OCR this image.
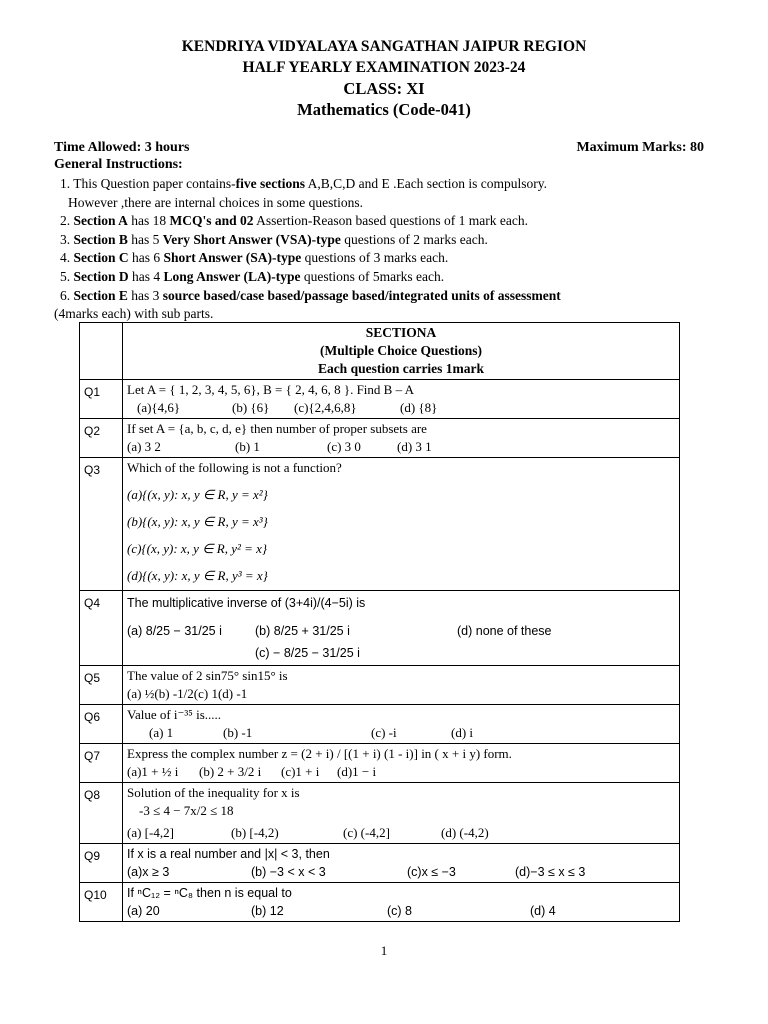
KENDRIYA VIDYALAYA SANGATHAN JAIPUR REGION
HALF YEARLY EXAMINATION 2023-24
CLASS: XI
Mathematics (Code-041)
Time Allowed: 3 hours	Maximum Marks: 80
General Instructions:
1. This Question paper contains-five sections A,B,C,D and E .Each section is compulsory.
However ,there are internal choices in some questions.
2. Section A has 18 MCQ's and 02 Assertion-Reason based questions of 1 mark each.
3. Section B has 5 Very Short Answer (VSA)-type questions of 2 marks each.
4. Section C has 6 Short Answer (SA)-type questions of 3 marks each.
5. Section D has 4 Long Answer (LA)-type questions of 5marks each.
6. Section E has 3 source based/case based/passage based/integrated units of assessment
(4marks each) with sub parts.

	SECTIONA
(Multiple Choice Questions)
Each question carries 1mark

Q1	Let A = { 1, 2, 3, 4, 5, 6}, B = { 2, 4, 6, 8 }. Find B – A
(a){4,6} (b) {6} (c){2,4,6,8} (d) {8}

Q2	If set A = {a, b, c, d, e} then number of proper subsets are
(a) 3 2 (b) 1 (c) 3 0 (d) 3 1

Q3	Which of the following is not a function?
(a){(x, y): x, y ∈ R, y = x²}
(b){(x, y): x, y ∈ R, y = x³}
(c){(x, y): x, y ∈ R, y² = x}
(d){(x, y): x, y ∈ R, y³ = x}

Q4	The multiplicative inverse of (3+4i)/(4−5i) is
(a) 8/25 − 31/25 i (b) 8/25 + 31/25 i (d) none of these
(c) − 8/25 − 31/25 i

Q5	The value of 2 sin75° sin15° is
(a) ½(b) -1/2(c) 1(d) -1

Q6	Value of i⁻³⁵ is.....
(a) 1 (b) -1 (c) -i (d) i

Q7	Express the complex number z = (2 + i) / [(1 + i) (1 - i)] in ( x + i y) form.
(a)1 + ½ i (b) 2 + 3/2 i (c)1 + i (d)1 − i

Q8	Solution of the inequality for x is
-3 ≤ 4 − 7x/2 ≤ 18
(a) [-4,2] (b) [-4,2) (c) (-4,2] (d) (-4,2)

Q9	If x is a real number and |x| < 3, then
(a)x ≥ 3 (b) −3 < x < 3 (c)x ≤ −3 (d)−3 ≤ x ≤ 3

Q10	If ⁿC₁₂ = ⁿC₈ then n is equal to
(a) 20 (b) 12 (c) 8 (d) 4
1
